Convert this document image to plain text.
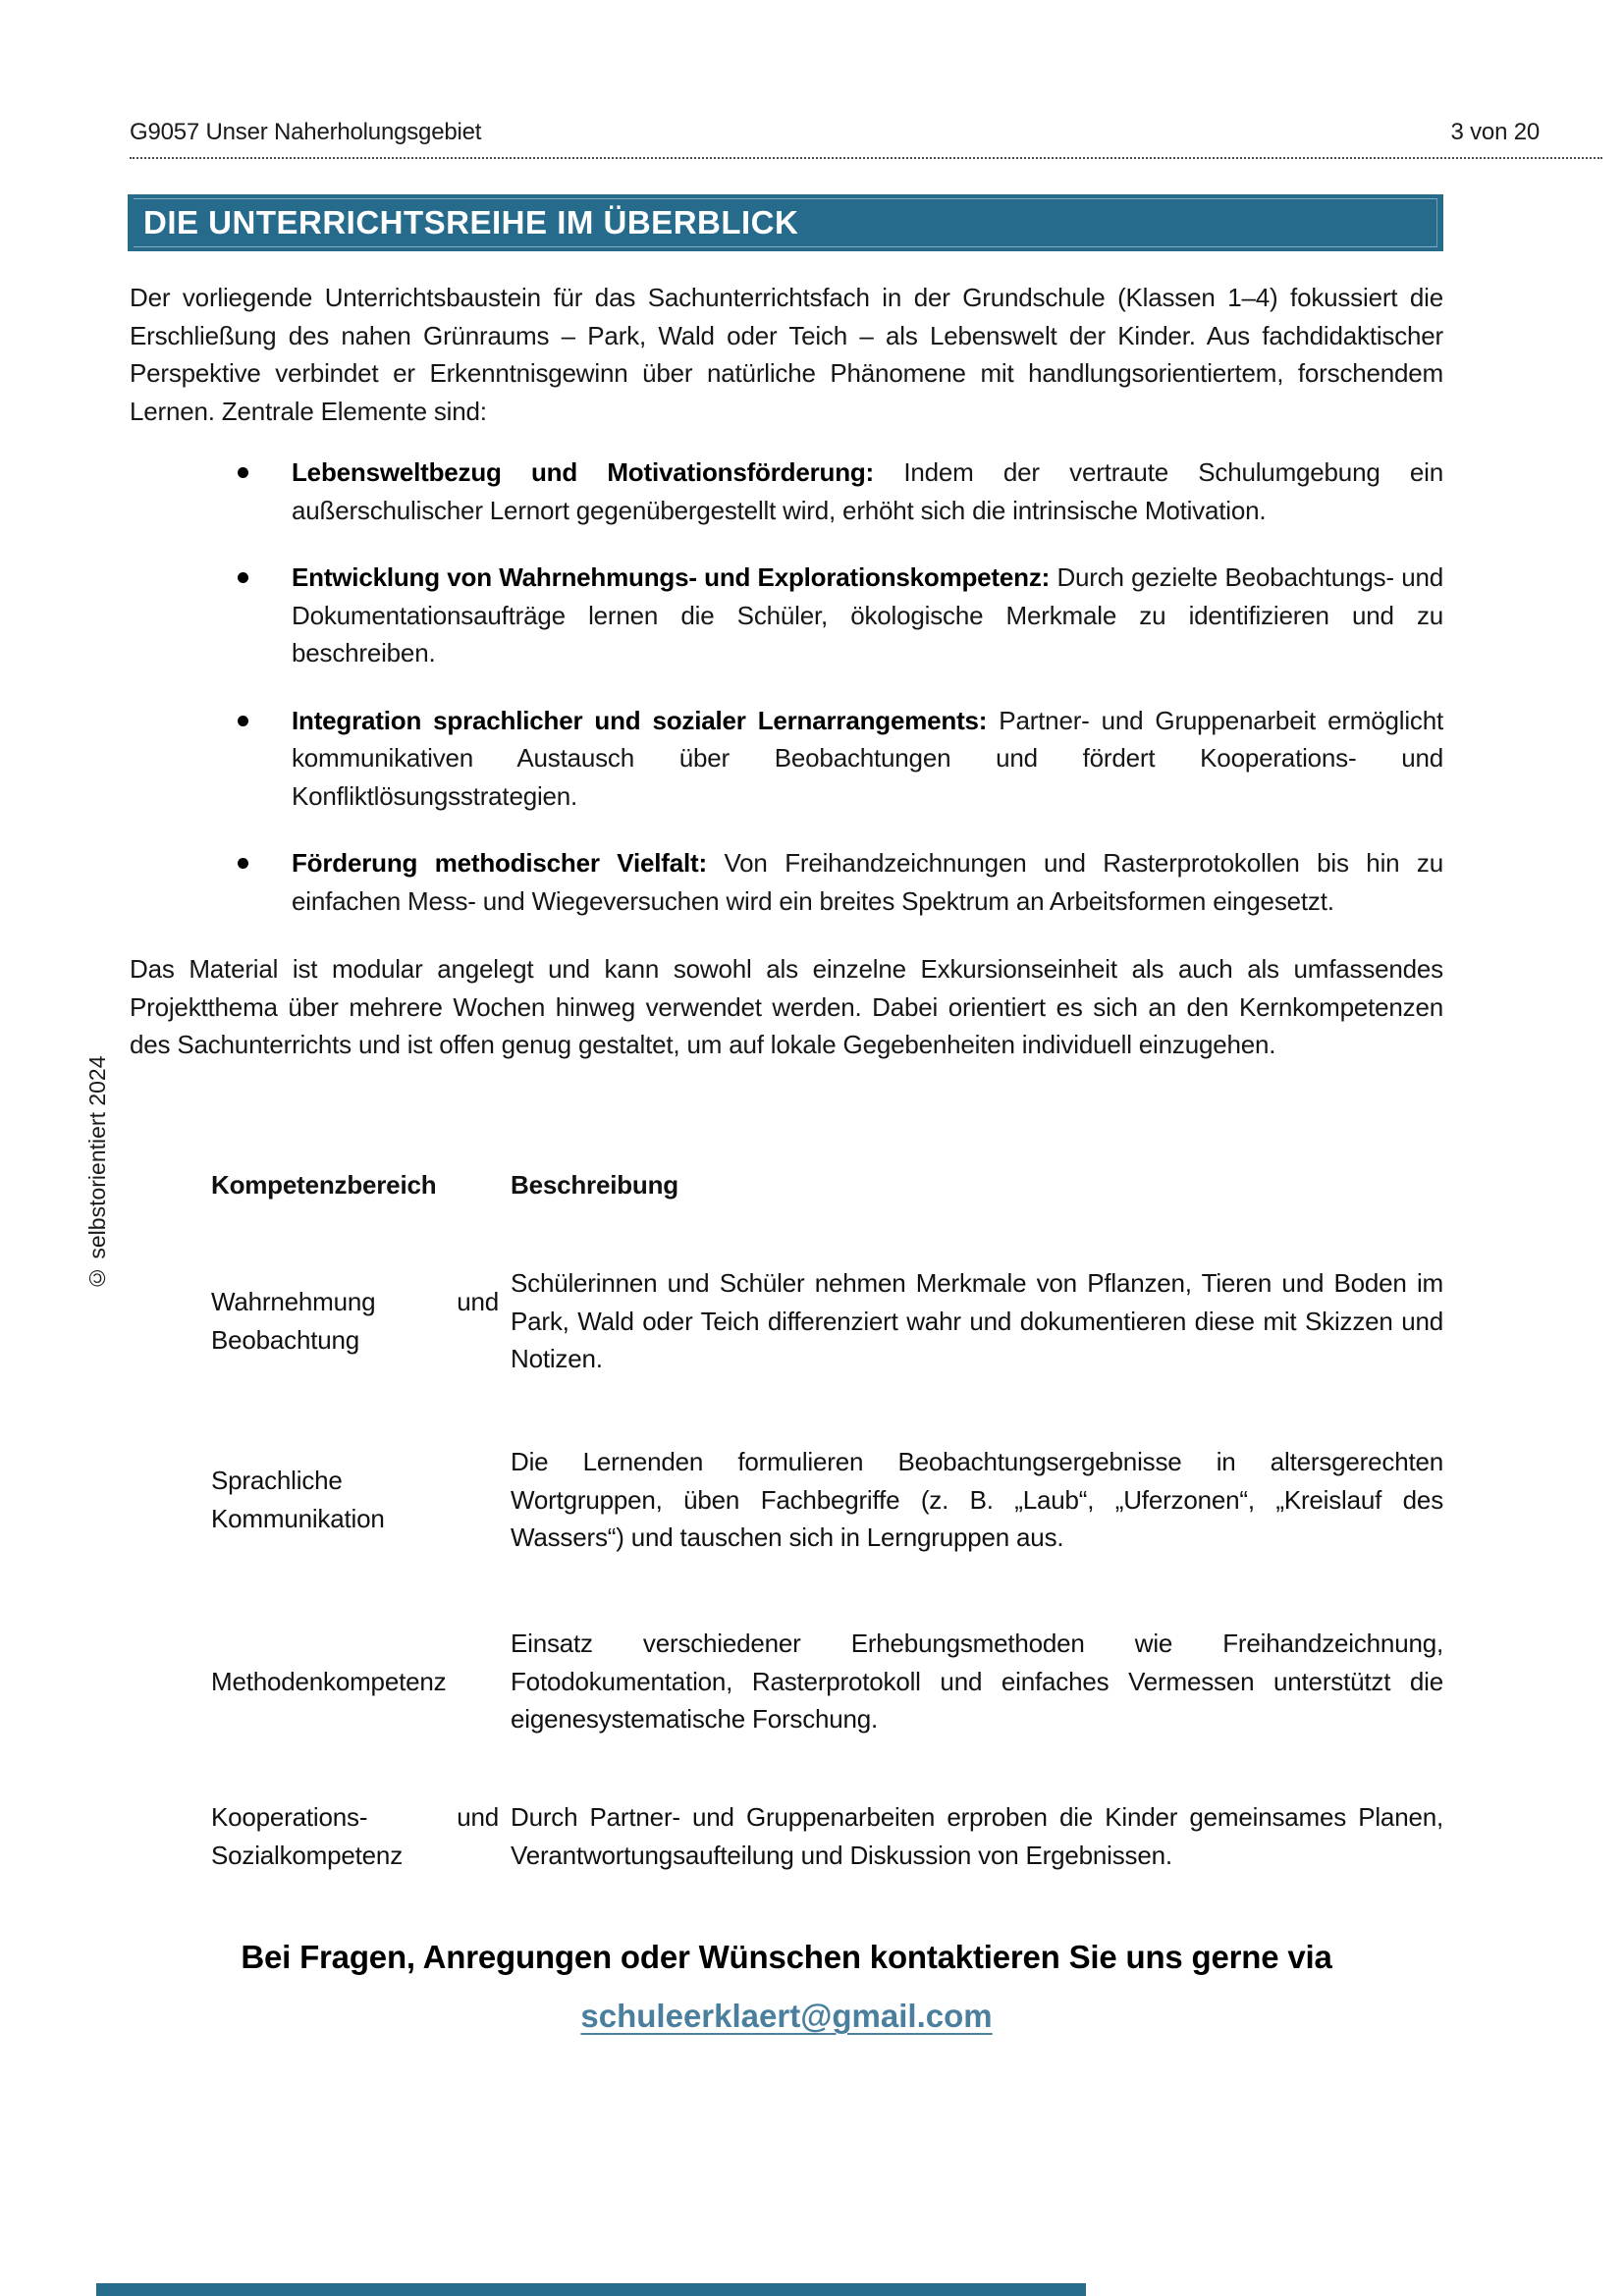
G9057 Unser Naherholungsgebiet	3 von 20
DIE UNTERRICHTSREIHE IM ÜBERBLICK

Der vorliegende Unterrichtsbaustein für das Sachunterrichtsfach in der Grundschule (Klassen 1–4) fokussiert die Erschließung des nahen Grünraums – Park, Wald oder Teich – als Lebenswelt der Kinder. Aus fachdidaktischer Perspektive verbindet er Erkenntnisgewinn über natürliche Phänomene mit handlungsorientiertem, forschendem Lernen. Zentrale Elemente sind:

Lebensweltbezug und Motivationsförderung: Indem der vertraute Schulumgebung ein außerschulischer Lernort gegenübergestellt wird, erhöht sich die intrinsische Motivation.
Entwicklung von Wahrnehmungs- und Explorationskompetenz: Durch gezielte Beobachtungs- und Dokumentationsaufträge lernen die Schüler, ökologische Merkmale zu identifizieren und zu beschreiben.
Integration sprachlicher und sozialer Lernarrangements: Partner- und Gruppenarbeit ermöglicht kommunikativen Austausch über Beobachtungen und fördert Kooperations- und Konfliktlösungsstrategien.
Förderung methodischer Vielfalt: Von Freihandzeichnungen und Rasterprotokollen bis hin zu einfachen Mess- und Wiegeversuchen wird ein breites Spektrum an Arbeitsformen eingesetzt.

Das Material ist modular angelegt und kann sowohl als einzelne Exkursionseinheit als auch als umfassendes Projektthema über mehrere Wochen hinweg verwendet werden. Dabei orientiert es sich an den Kernkompetenzen des Sachunterrichts und ist offen genug gestaltet, um auf lokale Gegebenheiten individuell einzugehen.

Kompetenzbereich	Beschreibung
Wahrnehmung und Beobachtung
Schülerinnen und Schüler nehmen Merkmale von Pflanzen, Tieren und Boden im Park, Wald oder Teich differenziert wahr und dokumentieren diese mit Skizzen und Notizen.
Sprachliche Kommunikation
Die Lernenden formulieren Beobachtungsergebnisse in altersgerechten Wortgruppen, üben Fachbegriffe (z. B. „Laub“, „Uferzonen“, „Kreislauf des Wassers“) und tauschen sich in Lerngruppen aus.
Methodenkompetenz
Einsatz verschiedener Erhebungsmethoden wie Freihandzeichnung, Fotodokumentation, Rasterprotokoll und einfaches Vermessen unterstützt die eigenesystematische Forschung.
Kooperations- und Sozialkompetenz
Durch Partner- und Gruppenarbeiten erproben die Kinder gemeinsames Planen, Verantwortungsaufteilung und Diskussion von Ergebnissen.
Bei Fragen, Anregungen oder Wünschen kontaktieren Sie uns gerne via
schuleerklaert@gmail.com
© selbstorientiert 2024
